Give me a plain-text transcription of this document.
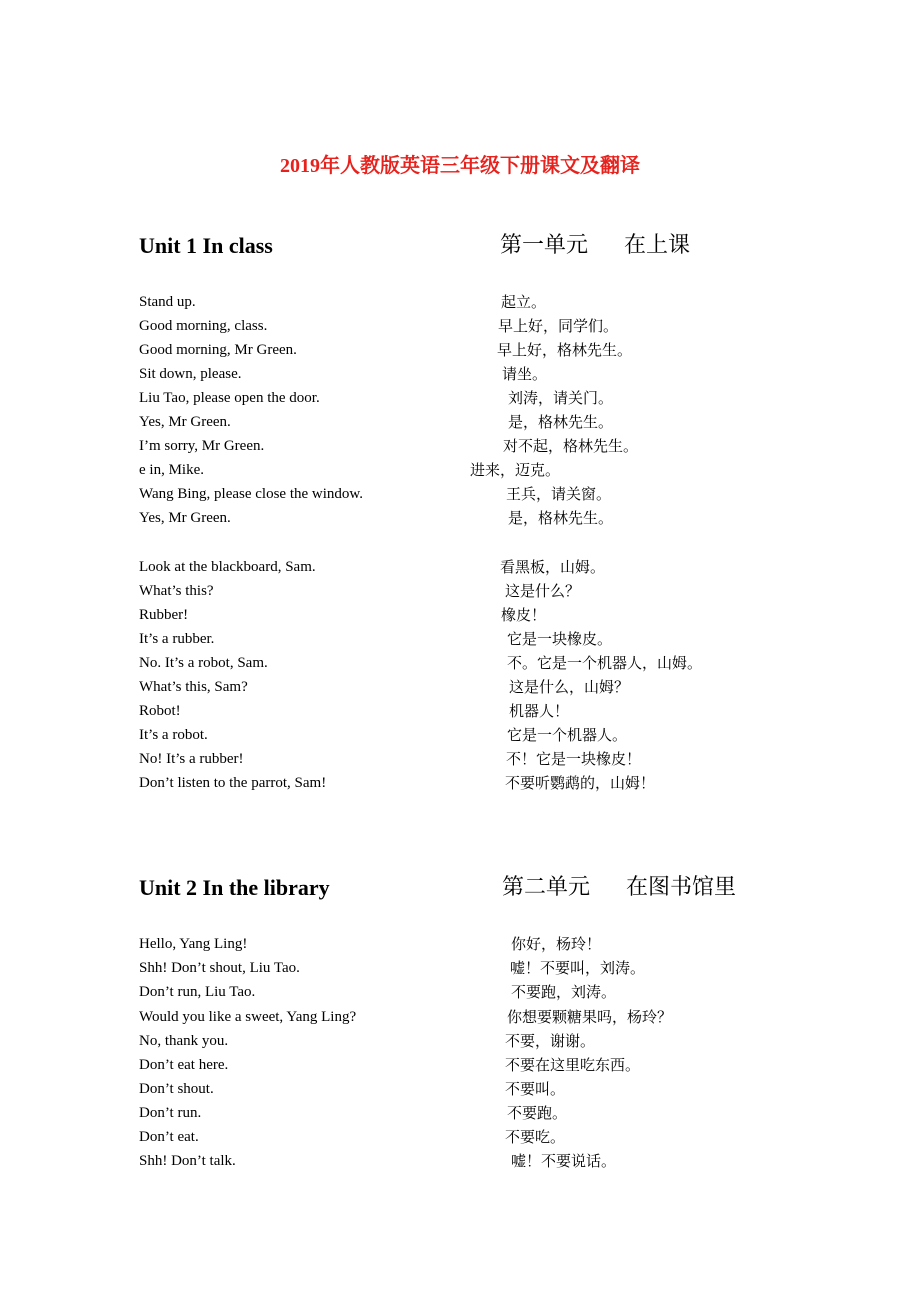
2019年人教版英语三年级下册课文及翻译
Unit 1 In class	第一单元 在上课
Stand up.	起立。
Good morning, class.	早上好，同学们。
Good morning, Mr Green.	早上好，格林先生。
Sit down, please.	请坐。
Liu Tao, please open the door.	刘涛，请关门。
Yes, Mr Green.	是，格林先生。
I’m sorry, Mr Green.	对不起，格林先生。
e in, Mike.	进来，迈克。
Wang Bing, please close the window.	王兵，请关窗。
Yes, Mr Green.	是，格林先生。
Look at the blackboard, Sam.	看黑板，山姆。
What’s this?	这是什么？
Rubber!	橡皮！
It’s a rubber.	它是一块橡皮。
No. It’s a robot, Sam.	不。它是一个机器人，山姆。
What’s this, Sam?	这是什么，山姆？
Robot!	机器人！
It’s a robot.	它是一个机器人。
No! It’s a rubber!	不！它是一块橡皮！
Don’t listen to the parrot, Sam!	不要听鹦鹉的，山姆！
Unit 2 In the library	第二单元 在图书馆里
Hello, Yang Ling!	你好，杨玲！
Shh! Don’t shout, Liu Tao.	嘘！不要叫，刘涛。
Don’t run, Liu Tao.	不要跑，刘涛。
Would you like a sweet, Yang Ling?	你想要颗糖果吗，杨玲？
No, thank you.	不要，谢谢。
Don’t eat here.	不要在这里吃东西。
Don’t shout.	不要叫。
Don’t run.	不要跑。
Don’t eat.	不要吃。
Shh! Don’t talk.	嘘！不要说话。
